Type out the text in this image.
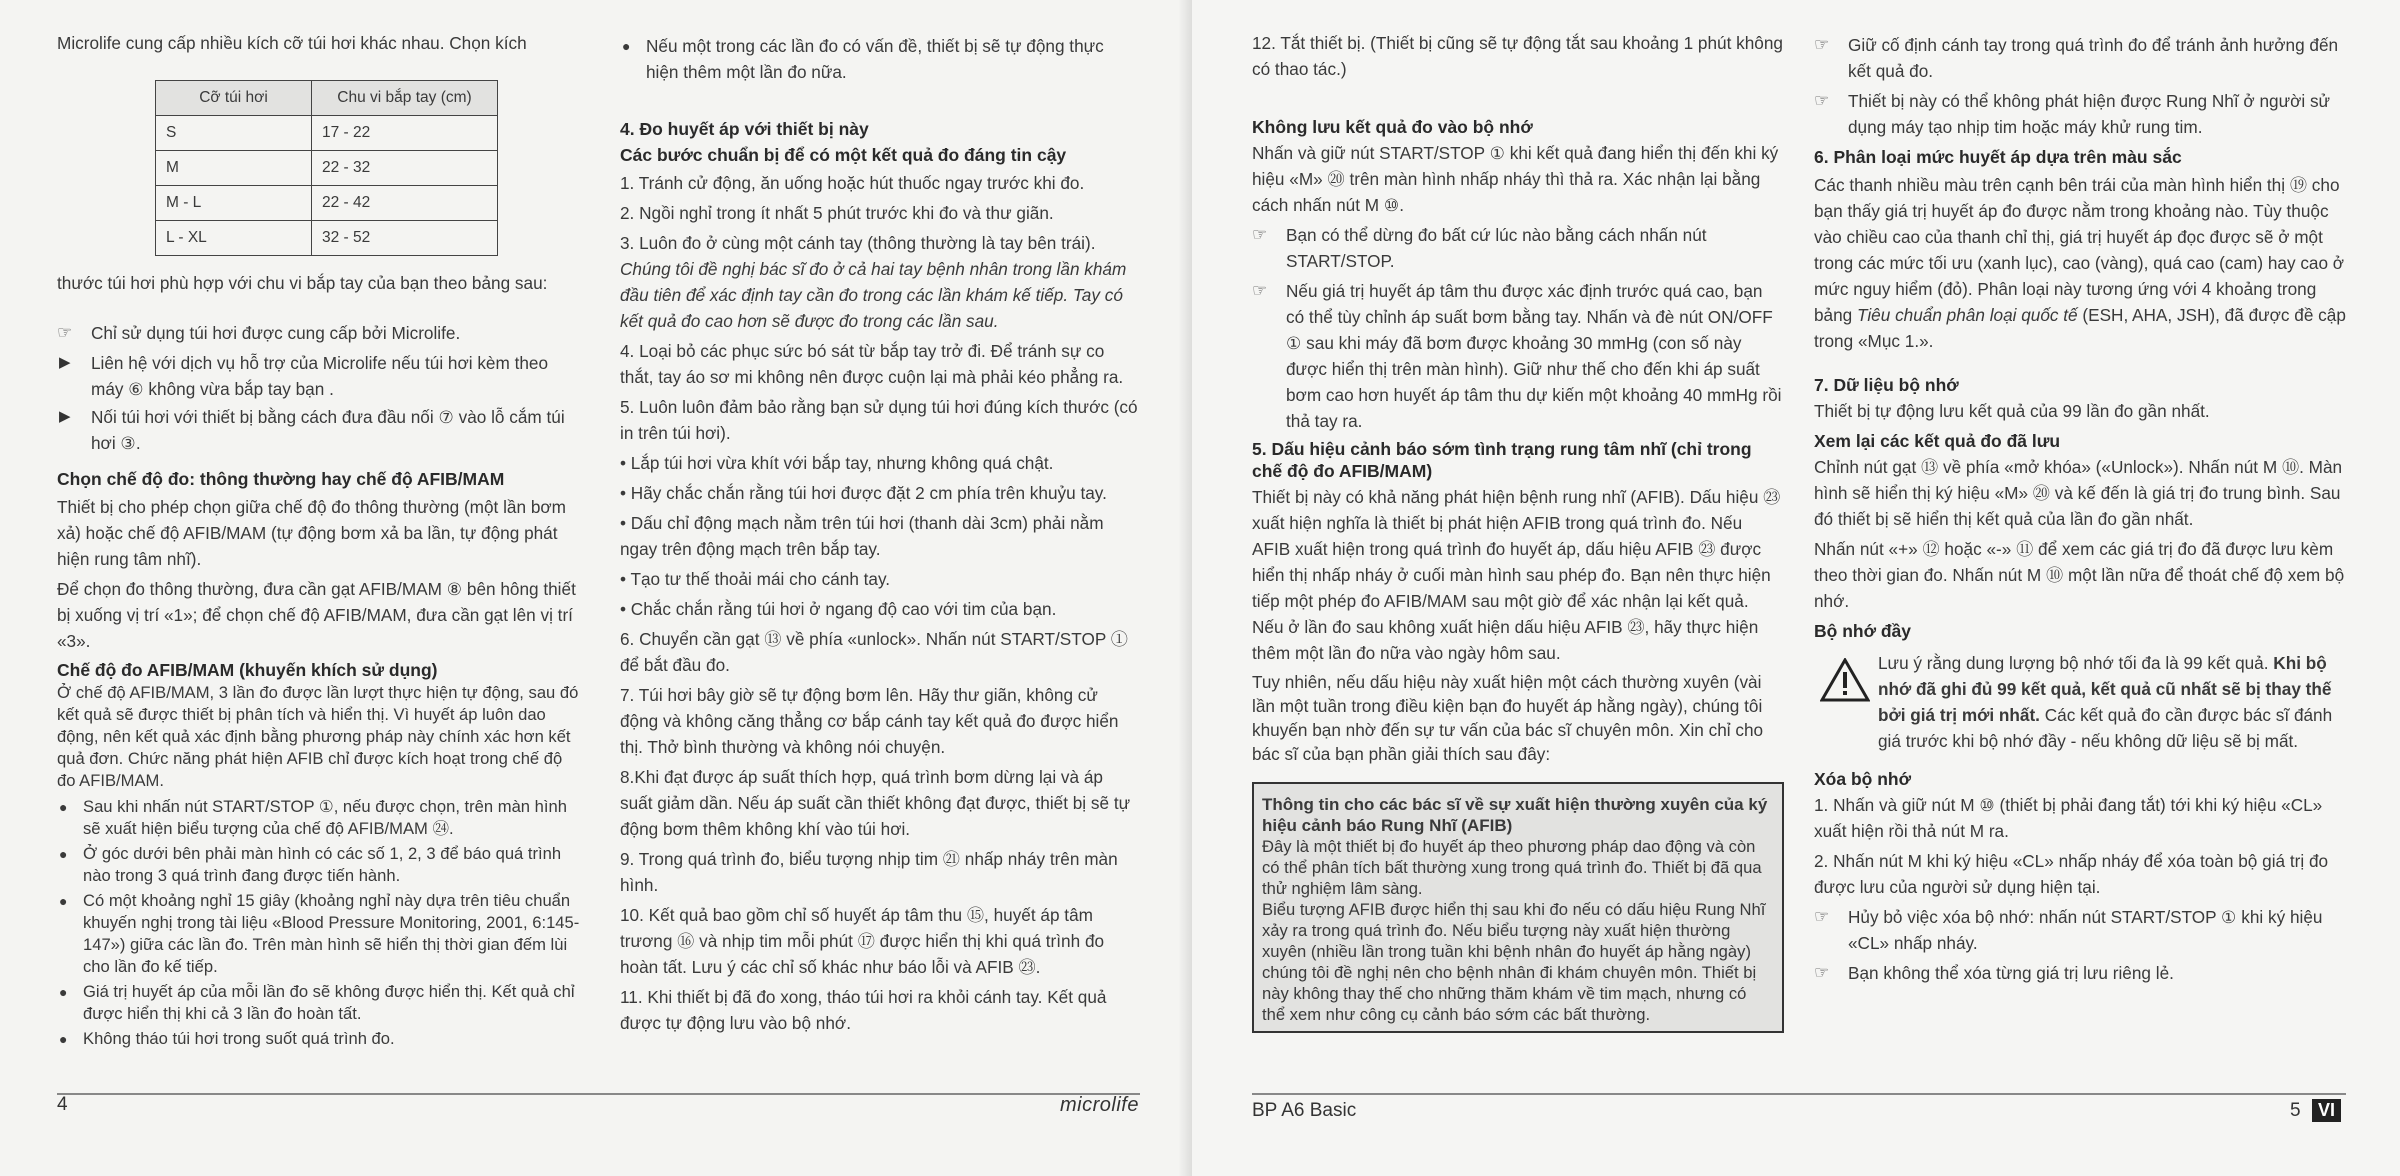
Microlife cung cấp nhiều kích cỡ túi hơi khác nhau. Chọn kích

Cỡ túi hơi	Chu vi bắp tay (cm)
S	17 - 22
M	22 - 32
M - L	22 - 42
L - XL	32 - 52

thước túi hơi phù hợp với chu vi bắp tay của bạn theo bảng sau:

☞	Chỉ sử dụng túi hơi được cung cấp bởi Microlife.
▶ Liên hệ với dịch vụ hỗ trợ của Microlife nếu túi hơi kèm theo máy ⑥ không vừa bắp tay bạn .
▶ Nối túi hơi với thiết bị bằng cách đưa đầu nối ⑦ vào lỗ cắm túi hơi ③.
Chọn chế độ đo: thông thường hay chế độ AFIB/MAM

Thiết bị cho phép chọn giữa chế độ đo thông thường (một lần bơm xả) hoặc chế độ AFIB/MAM (tự động bơm xả ba lần, tự động phát hiện rung tâm nhĩ).

Để chọn đo thông thường, đưa cần gạt AFIB/MAM ⑧ bên hông thiết bị xuống vị trí «1»; để chọn chế độ AFIB/MAM, đưa cần gạt lên vị trí «3».

Chế độ đo AFIB/MAM (khuyến khích sử dụng)

Ở chế độ AFIB/MAM, 3 lần đo được lần lượt thực hiện tự động, sau đó kết quả sẽ được thiết bị phân tích và hiển thị. Vì huyết áp luôn dao động, nên kết quả xác định bằng phương pháp này chính xác hơn kết quả đơn. Chức năng phát hiện AFIB chỉ được kích hoạt trong chế độ đo AFIB/MAM.

● Sau khi nhấn nút START/STOP ①, nếu được chọn, trên màn hình sẽ xuất hiện biểu tượng của chế độ AFIB/MAM ㉔.
● Ở góc dưới bên phải màn hình có các số 1, 2, 3 để báo quá trình nào trong 3 quá trình đang được tiến hành.
● Có một khoảng nghỉ 15 giây (khoảng nghỉ này dựa trên tiêu chuẩn khuyến nghị trong tài liệu «Blood Pressure Monitoring, 2001, 6:145-147») giữa các lần đo. Trên màn hình sẽ hiển thị thời gian đếm lùi cho lần đo kế tiếp.
● Giá trị huyết áp của mỗi lần đo sẽ không được hiển thị. Kết quả chỉ được hiển thị khi cả 3 lần đo hoàn tất.
● Không tháo túi hơi trong suốt quá trình đo.
● Nếu một trong các lần đo có vấn đề, thiết bị sẽ tự động thực hiện thêm một lần đo nữa.
4. Đo huyết áp với thiết bị này
Các bước chuẩn bị để có một kết quả đo đáng tin cậy

1. Tránh cử động, ăn uống hoặc hút thuốc ngay trước khi đo.

2. Ngồi nghỉ trong ít nhất 5 phút trước khi đo và thư giãn.

3. Luôn đo ở cùng một cánh tay (thông thường là tay bên trái). Chúng tôi đề nghị bác sĩ đo ở cả hai tay bệnh nhân trong lần khám đầu tiên để xác định tay cần đo trong các lần khám kế tiếp. Tay có kết quả đo cao hơn sẽ được đo trong các lần sau.

4. Loại bỏ các phục sức bó sát từ bắp tay trở đi. Để tránh sự co thắt, tay áo sơ mi không nên được cuộn lại mà phải kéo phẳng ra.

5. Luôn luôn đảm bảo rằng bạn sử dụng túi hơi đúng kích thước (có in trên túi hơi).

• Lắp túi hơi vừa khít với bắp tay, nhưng không quá chật.

• Hãy chắc chắn rằng túi hơi được đặt 2 cm phía trên khuỷu tay.

• Dấu chỉ động mạch nằm trên túi hơi (thanh dài 3cm) phải nằm ngay trên động mạch trên bắp tay.

• Tạo tư thế thoải mái cho cánh tay.

• Chắc chắn rằng túi hơi ở ngang độ cao với tim của bạn.

6. Chuyển cần gạt ⑬ về phía «unlock». Nhấn nút START/STOP ① để bắt đầu đo.

7. Túi hơi bây giờ sẽ tự động bơm lên. Hãy thư giãn, không cử động và không căng thẳng cơ bắp cánh tay kết quả đo được hiển thị. Thở bình thường và không nói chuyện.

8.Khi đạt được áp suất thích hợp, quá trình bơm dừng lại và áp suất giảm dần. Nếu áp suất cần thiết không đạt được, thiết bị sẽ tự động bơm thêm không khí vào túi hơi.

9. Trong quá trình đo, biểu tượng nhịp tim ㉑ nhấp nháy trên màn hình.

10. Kết quả bao gồm chỉ số huyết áp tâm thu ⑮, huyết áp tâm trương ⑯ và nhịp tim mỗi phút ⑰ được hiển thị khi quá trình đo hoàn tất. Lưu ý các chỉ số khác như báo lỗi và AFIB ㉓.

11. Khi thiết bị đã đo xong, tháo túi hơi ra khỏi cánh tay. Kết quả được tự động lưu vào bộ nhớ.

4	microlife

12. Tắt thiết bị. (Thiết bị cũng sẽ tự động tắt sau khoảng 1 phút không có thao tác.)

Không lưu kết quả đo vào bộ nhớ

Nhấn và giữ nút START/STOP ① khi kết quả đang hiển thị đến khi ký hiệu «M» ⑳ trên màn hình nhấp nháy thì thả ra. Xác nhận lại bằng cách nhấn nút M ⑩.

☞	Bạn có thể dừng đo bất cứ lúc nào bằng cách nhấn nút START/STOP.
☞	Nếu giá trị huyết áp tâm thu được xác định trước quá cao, bạn có thể tùy chỉnh áp suất bơm bằng tay. Nhấn và đè nút ON/OFF ① sau khi máy đã bơm được khoảng 30 mmHg (con số này được hiển thị trên màn hình). Giữ như thế cho đến khi áp suất bơm cao hơn huyết áp tâm thu dự kiến một khoảng 40 mmHg rồi thả tay ra.
5. Dấu hiệu cảnh báo sớm tình trạng rung tâm nhĩ (chỉ trong chế độ đo AFIB/MAM)

Thiết bị này có khả năng phát hiện bệnh rung nhĩ (AFIB). Dấu hiệu ㉓ xuất hiện nghĩa là thiết bị phát hiện AFIB trong quá trình đo. Nếu AFIB xuất hiện trong quá trình đo huyết áp, dấu hiệu AFIB ㉓ được hiển thị nhấp nháy ở cuối màn hình sau phép đo. Bạn nên thực hiện tiếp một phép đo AFIB/MAM sau một giờ để xác nhận lại kết quả. Nếu ở lần đo sau không xuất hiện dấu hiệu AFIB ㉓, hãy thực hiện thêm một lần đo nữa vào ngày hôm sau.

Tuy nhiên, nếu dấu hiệu này xuất hiện một cách thường xuyên (vài lần một tuần trong điều kiện bạn đo huyết áp hằng ngày), chúng tôi khuyến bạn nhờ đến sự tư vấn của bác sĩ chuyên môn. Xin chỉ cho bác sĩ của bạn phần giải thích sau đây:

Thông tin cho các bác sĩ về sự xuất hiện thường xuyên của ký hiệu cảnh báo Rung Nhĩ (AFIB)
Đây là một thiết bị đo huyết áp theo phương pháp dao động và còn có thể phân tích bất thường xung trong quá trình đo. Thiết bị đã qua thử nghiệm lâm sàng.
Biểu tượng AFIB được hiển thị sau khi đo nếu có dấu hiệu Rung Nhĩ xảy ra trong quá trình đo. Nếu biểu tượng này xuất hiện thường xuyên (nhiều lần trong tuần khi bệnh nhân đo huyết áp hằng ngày) chúng tôi đề nghị nên cho bệnh nhân đi khám chuyên môn. Thiết bị này không thay thế cho những thăm khám về tim mạch, nhưng có thể xem như công cụ cảnh báo sớm các bất thường.
☞	Giữ cố định cánh tay trong quá trình đo để tránh ảnh hưởng đến kết quả đo.
☞	Thiết bị này có thể không phát hiện được Rung Nhĩ ở người sử dụng máy tạo nhịp tim hoặc máy khử rung tim.
6. Phân loại mức huyết áp dựa trên màu sắc

Các thanh nhiều màu trên cạnh bên trái của màn hình hiển thị ⑲ cho bạn thấy giá trị huyết áp đo được nằm trong khoảng nào. Tùy thuộc vào chiều cao của thanh chỉ thị, giá trị huyết áp đọc được sẽ ở một trong các mức tối ưu (xanh lục), cao (vàng), quá cao (cam) hay cao ở mức nguy hiểm (đỏ). Phân loại này tương ứng với 4 khoảng trong bảng Tiêu chuẩn phân loại quốc tế (ESH, AHA, JSH), đã được đề cập trong «Mục 1.».

7. Dữ liệu bộ nhớ

Thiết bị tự động lưu kết quả của 99 lần đo gần nhất.

Xem lại các kết quả đo đã lưu

Chỉnh nút gạt ⑬ về phía «mở khóa» («Unlock»). Nhấn nút M ⑩. Màn hình sẽ hiển thị ký hiệu «M» ⑳ và kế đến là giá trị đo trung bình. Sau đó thiết bị sẽ hiển thị kết quả của lần đo gần nhất.

Nhấn nút «+» ⑫ hoặc «-» ⑪ để xem các giá trị đo đã được lưu kèm theo thời gian đo. Nhấn nút M ⑩ một lần nữa để thoát chế độ xem bộ nhớ.

Bộ nhớ đầy
Lưu ý rằng dung lượng bộ nhớ tối đa là 99 kết quả. Khi bộ nhớ đã ghi đủ 99 kết quả, kết quả cũ nhất sẽ bị thay thế bởi giá trị mới nhất. Các kết quả đo cần được bác sĩ đánh giá trước khi bộ nhớ đầy - nếu không dữ liệu sẽ bị mất.
Xóa bộ nhớ

1. Nhấn và giữ nút M ⑩ (thiết bị phải đang tắt) tới khi ký hiệu «CL» xuất hiện rồi thả nút M ra.

2. Nhấn nút M khi ký hiệu «CL» nhấp nháy để xóa toàn bộ giá trị đo được lưu của người sử dụng hiện tại.

☞	Hủy bỏ việc xóa bộ nhớ: nhấn nút START/STOP ① khi ký hiệu «CL» nhấp nháy.
☞	Bạn không thể xóa từng giá trị lưu riêng lẻ.
BP A6 Basic	5 VI
